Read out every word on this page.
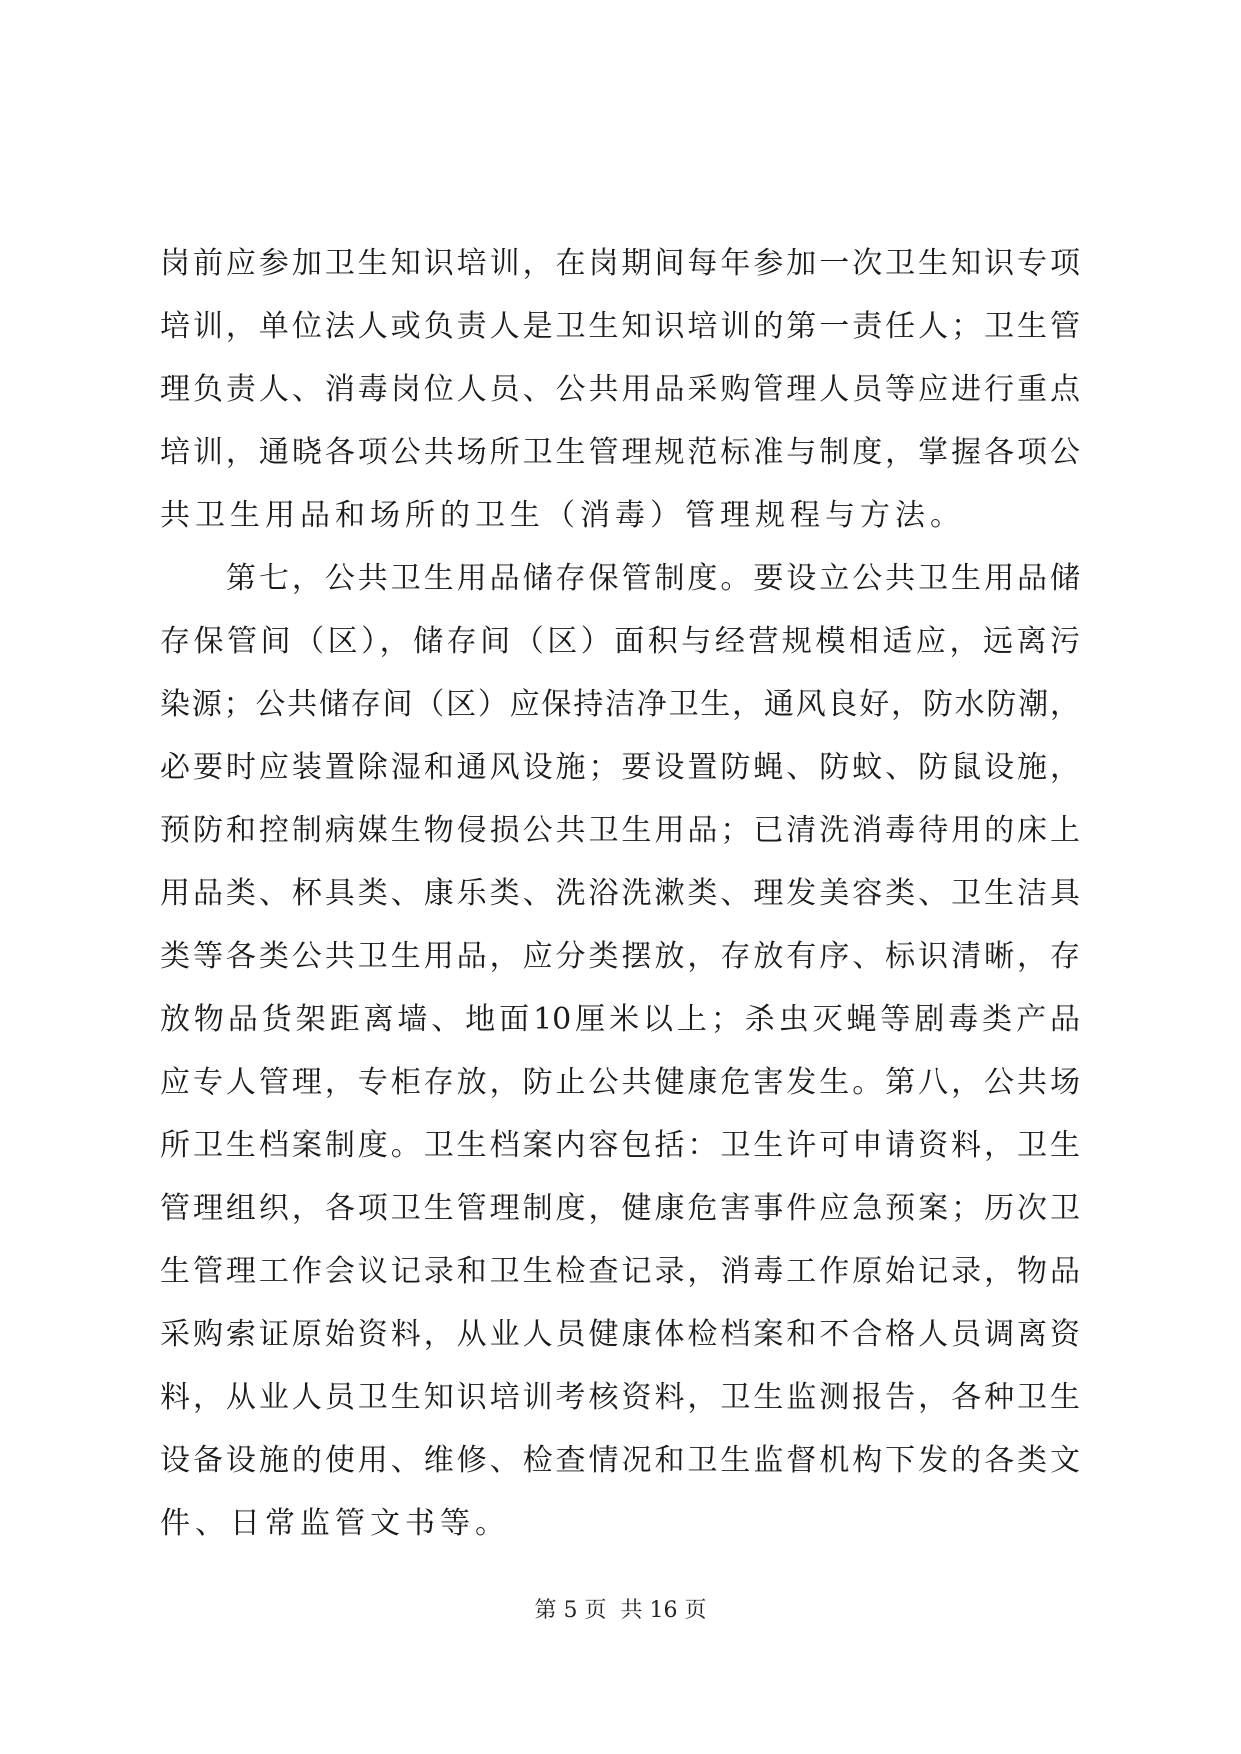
岗前应参加卫生知识培训，在岗期间每年参加一次卫生知识专项
培训，单位法人或负责人是卫生知识培训的第一责任人；卫生管
理负责人、消毒岗位人员、公共用品采购管理人员等应进行重点
培训，通晓各项公共场所卫生管理规范标准与制度，掌握各项公
共卫生用品和场所的卫生（消毒）管理规程与方法。
　　第七，公共卫生用品储存保管制度。要设立公共卫生用品储
存保管间（区），储存间（区）面积与经营规模相适应，远离污
染源；公共储存间（区）应保持洁净卫生，通风良好，防水防潮，
必要时应装置除湿和通风设施；要设置防蝇、防蚊、防鼠设施，
预防和控制病媒生物侵损公共卫生用品；已清洗消毒待用的床上
用品类、杯具类、康乐类、洗浴洗漱类、理发美容类、卫生洁具
类等各类公共卫生用品，应分类摆放，存放有序、标识清晰，存
放物品货架距离墙、地面10厘米以上；杀虫灭蝇等剧毒类产品
应专人管理，专柜存放，防止公共健康危害发生。第八，公共场
所卫生档案制度。卫生档案内容包括：卫生许可申请资料，卫生
管理组织，各项卫生管理制度，健康危害事件应急预案；历次卫
生管理工作会议记录和卫生检查记录，消毒工作原始记录，物品
采购索证原始资料，从业人员健康体检档案和不合格人员调离资
料，从业人员卫生知识培训考核资料，卫生监测报告，各种卫生
设备设施的使用、维修、检查情况和卫生监督机构下发的各类文
件、日常监管文书等。
第 5 页  共 16 页
